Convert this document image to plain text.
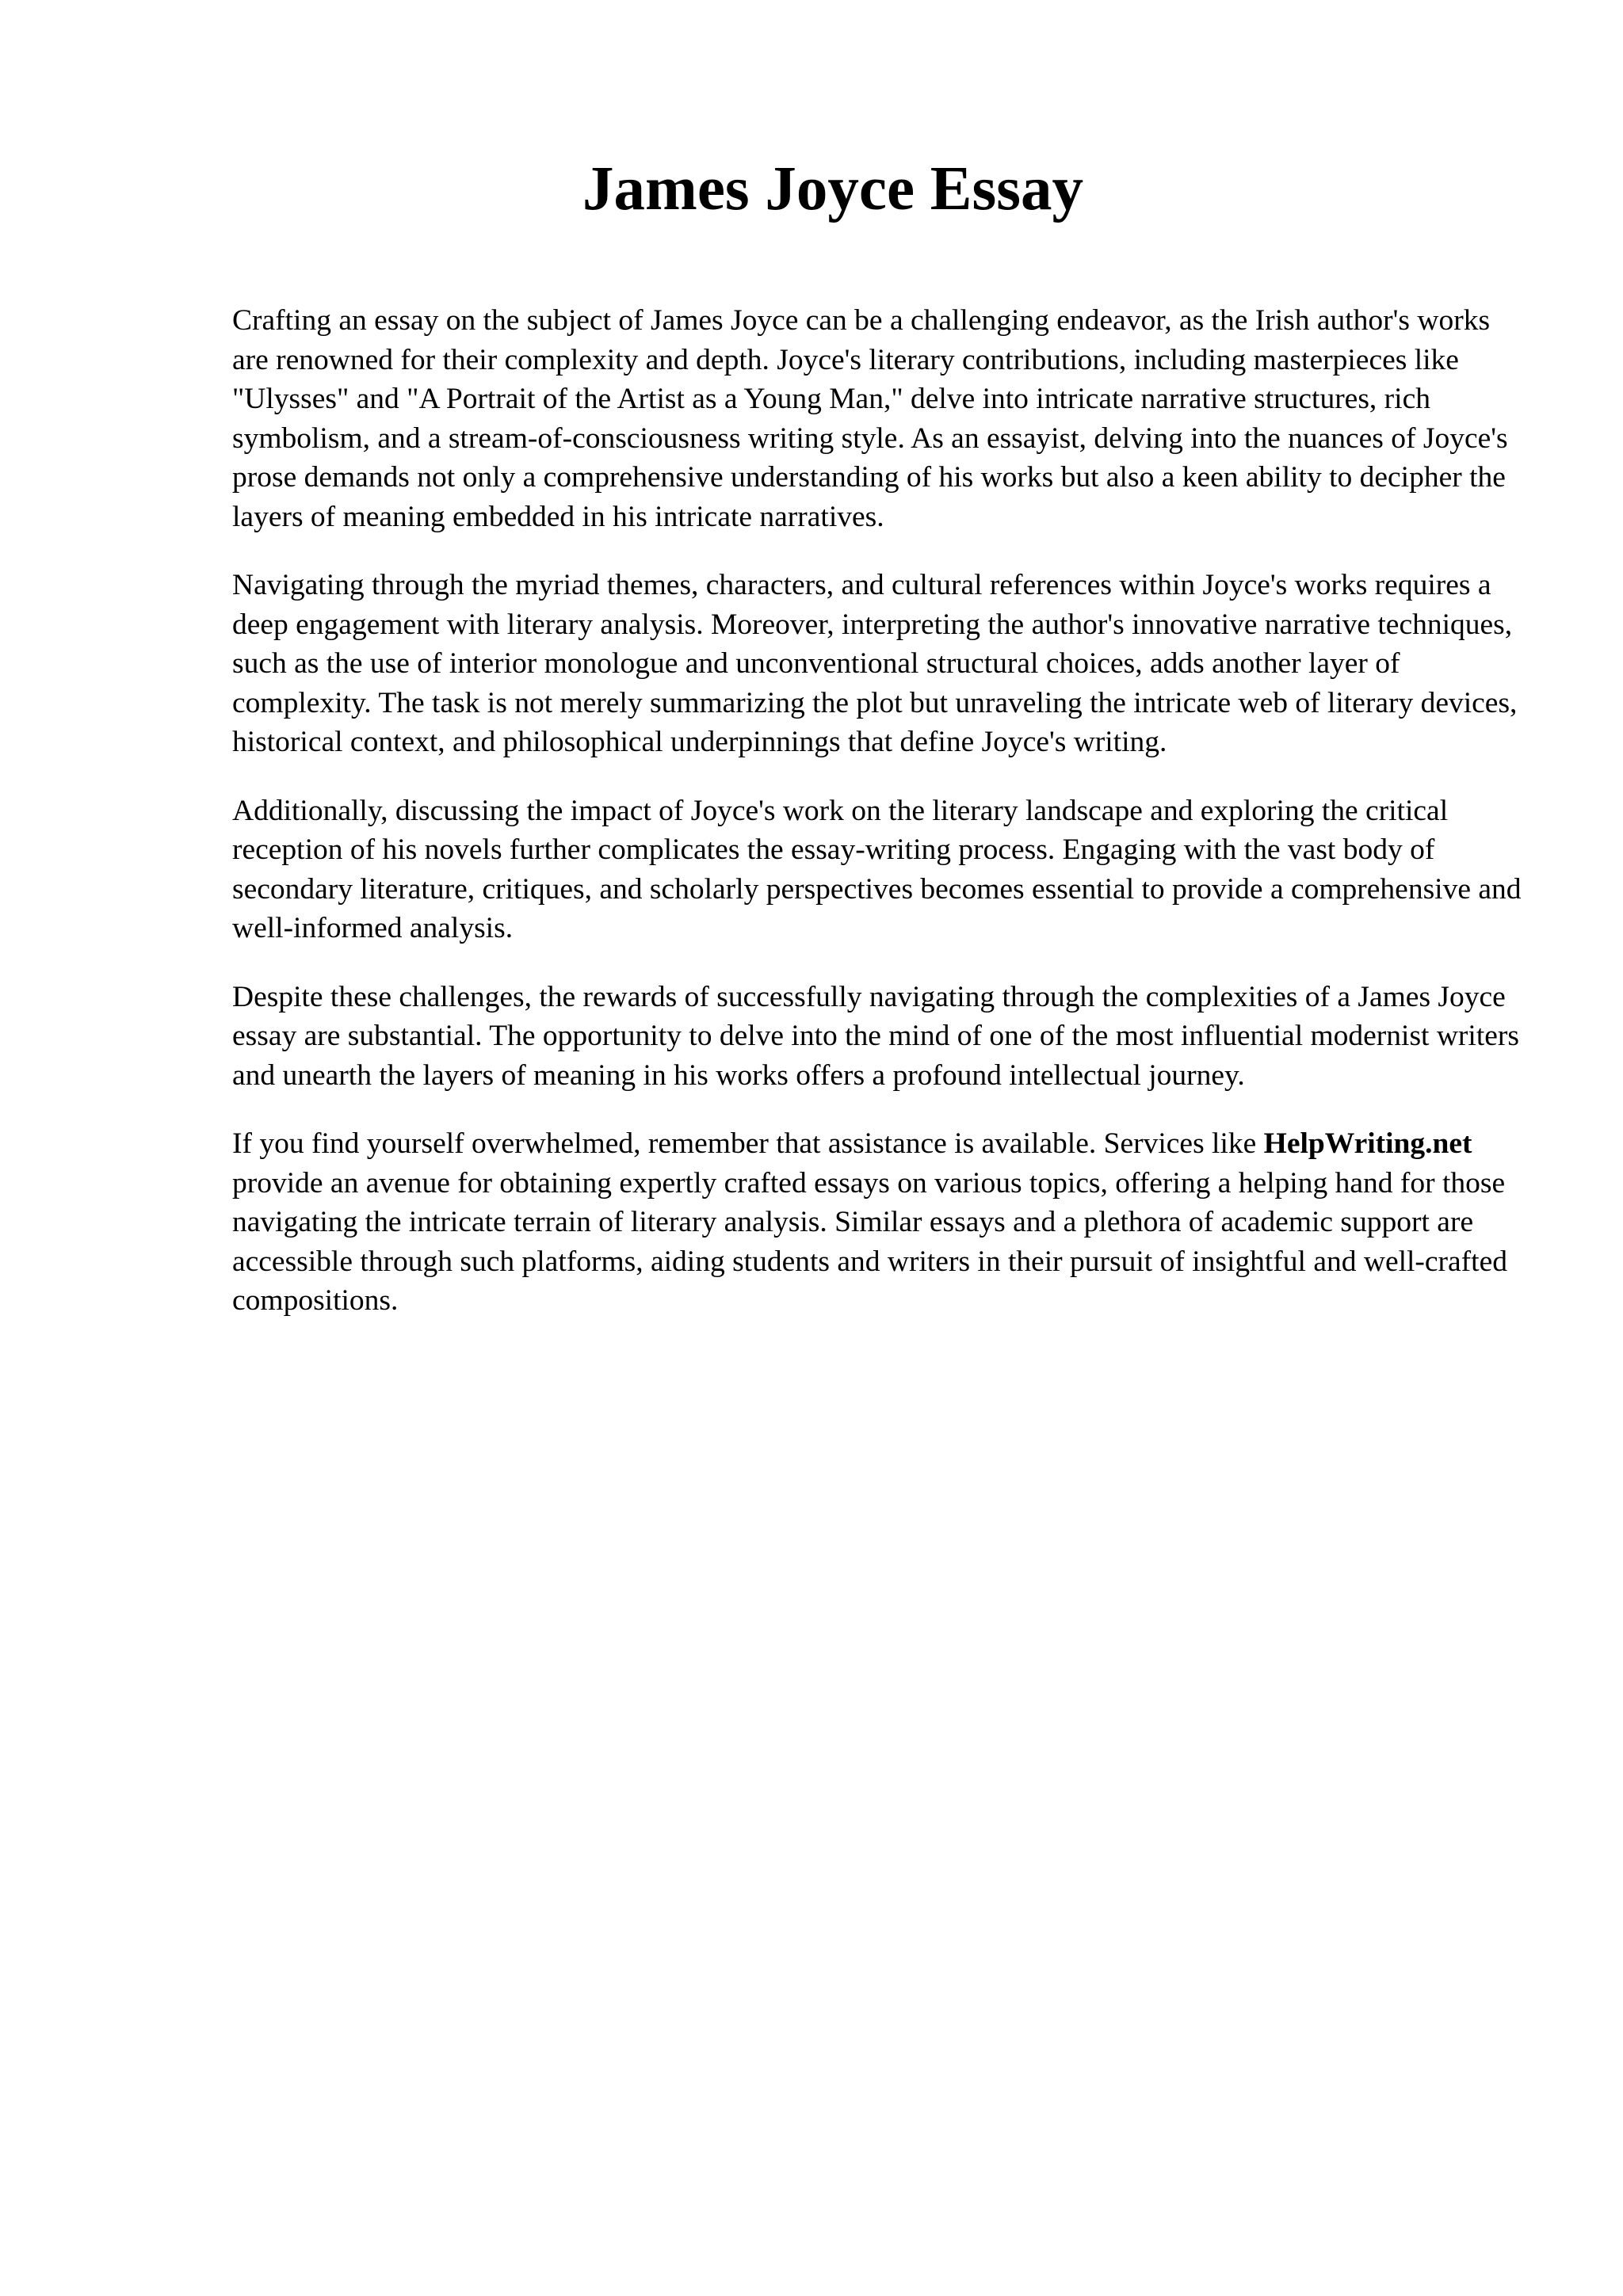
James Joyce Essay

Crafting an essay on the subject of James Joyce can be a challenging endeavor, as the Irish author's works are renowned for their complexity and depth. Joyce's literary contributions, including masterpieces like "Ulysses" and "A Portrait of the Artist as a Young Man," delve into intricate narrative structures, rich symbolism, and a stream-of-consciousness writing style. As an essayist, delving into the nuances of Joyce's prose demands not only a comprehensive understanding of his works but also a keen ability to decipher the layers of meaning embedded in his intricate narratives.

Navigating through the myriad themes, characters, and cultural references within Joyce's works requires a deep engagement with literary analysis. Moreover, interpreting the author's innovative narrative techniques, such as the use of interior monologue and unconventional structural choices, adds another layer of complexity. The task is not merely summarizing the plot but unraveling the intricate web of literary devices, historical context, and philosophical underpinnings that define Joyce's writing.

Additionally, discussing the impact of Joyce's work on the literary landscape and exploring the critical reception of his novels further complicates the essay-writing process. Engaging with the vast body of secondary literature, critiques, and scholarly perspectives becomes essential to provide a comprehensive and well-informed analysis.

Despite these challenges, the rewards of successfully navigating through the complexities of a James Joyce essay are substantial. The opportunity to delve into the mind of one of the most influential modernist writers and unearth the layers of meaning in his works offers a profound intellectual journey.

If you find yourself overwhelmed, remember that assistance is available. Services like HelpWriting.net provide an avenue for obtaining expertly crafted essays on various topics, offering a helping hand for those navigating the intricate terrain of literary analysis. Similar essays and a plethora of academic support are accessible through such platforms, aiding students and writers in their pursuit of insightful and well-crafted compositions.
